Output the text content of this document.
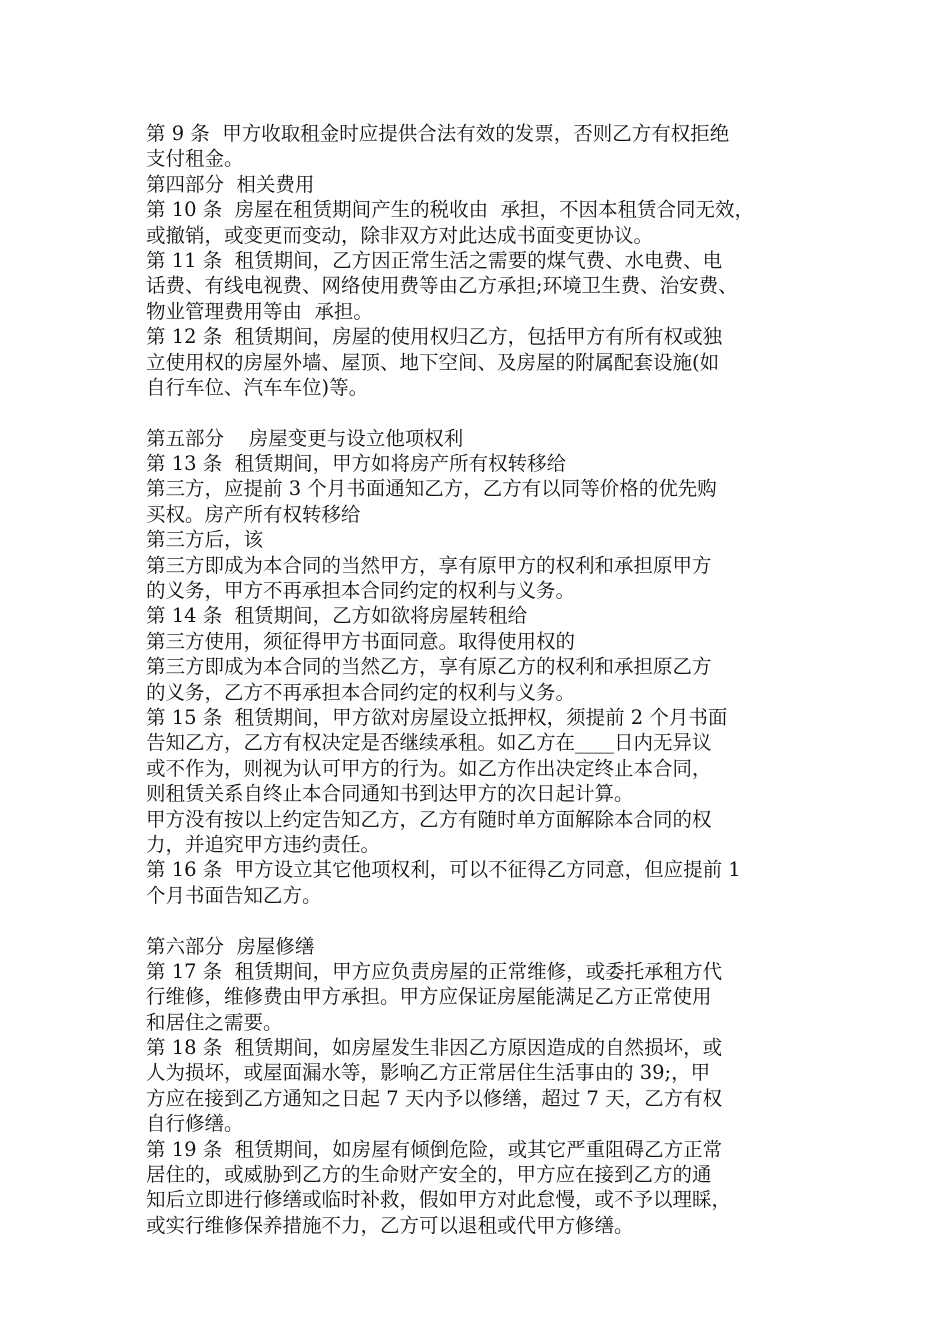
第 9 条  甲方收取租金时应提供合法有效的发票，否则乙方有权拒绝
支付租金。
第四部分  相关费用
第 10 条  房屋在租赁期间产生的税收由  承担，不因本租赁合同无效，
或撤销，或变更而变动，除非双方对此达成书面变更协议。
第 11 条  租赁期间，乙方因正常生活之需要的煤气费、水电费、电
话费、有线电视费、网络使用费等由乙方承担;环境卫生费、治安费、
物业管理费用等由  承担。
第 12 条  租赁期间，房屋的使用权归乙方，包括甲方有所有权或独
立使用权的房屋外墙、屋顶、地下空间、及房屋的附属配套设施(如
自行车位、汽车车位)等。
第五部分    房屋变更与设立他项权利
第 13 条  租赁期间，甲方如将房产所有权转移给
第三方，应提前 3 个月书面通知乙方，乙方有以同等价格的优先购
买权。房产所有权转移给
第三方后，该
第三方即成为本合同的当然甲方，享有原甲方的权利和承担原甲方
的义务，甲方不再承担本合同约定的权利与义务。
第 14 条  租赁期间，乙方如欲将房屋转租给
第三方使用，须征得甲方书面同意。取得使用权的
第三方即成为本合同的当然乙方，享有原乙方的权利和承担原乙方
的义务，乙方不再承担本合同约定的权利与义务。
第 15 条  租赁期间，甲方欲对房屋设立抵押权，须提前 2 个月书面
告知乙方，乙方有权决定是否继续承租。如乙方在____日内无异议
或不作为，则视为认可甲方的行为。如乙方作出决定终止本合同，
则租赁关系自终止本合同通知书到达甲方的次日起计算。
甲方没有按以上约定告知乙方，乙方有随时单方面解除本合同的权
力，并追究甲方违约责任。
第 16 条  甲方设立其它他项权利，可以不征得乙方同意，但应提前 1
个月书面告知乙方。
第六部分  房屋修缮
第 17 条  租赁期间，甲方应负责房屋的正常维修，或委托承租方代
行维修，维修费由甲方承担。甲方应保证房屋能满足乙方正常使用
和居住之需要。
第 18 条  租赁期间，如房屋发生非因乙方原因造成的自然损坏，或
人为损坏，或屋面漏水等，影响乙方正常居住生活事由的 39;，甲
方应在接到乙方通知之日起 7 天内予以修缮，超过 7 天，乙方有权
自行修缮。
第 19 条  租赁期间，如房屋有倾倒危险，或其它严重阻碍乙方正常
居住的，或威胁到乙方的生命财产安全的，甲方应在接到乙方的通
知后立即进行修缮或临时补救，假如甲方对此怠慢，或不予以理睬，
或实行维修保养措施不力，乙方可以退租或代甲方修缮。
